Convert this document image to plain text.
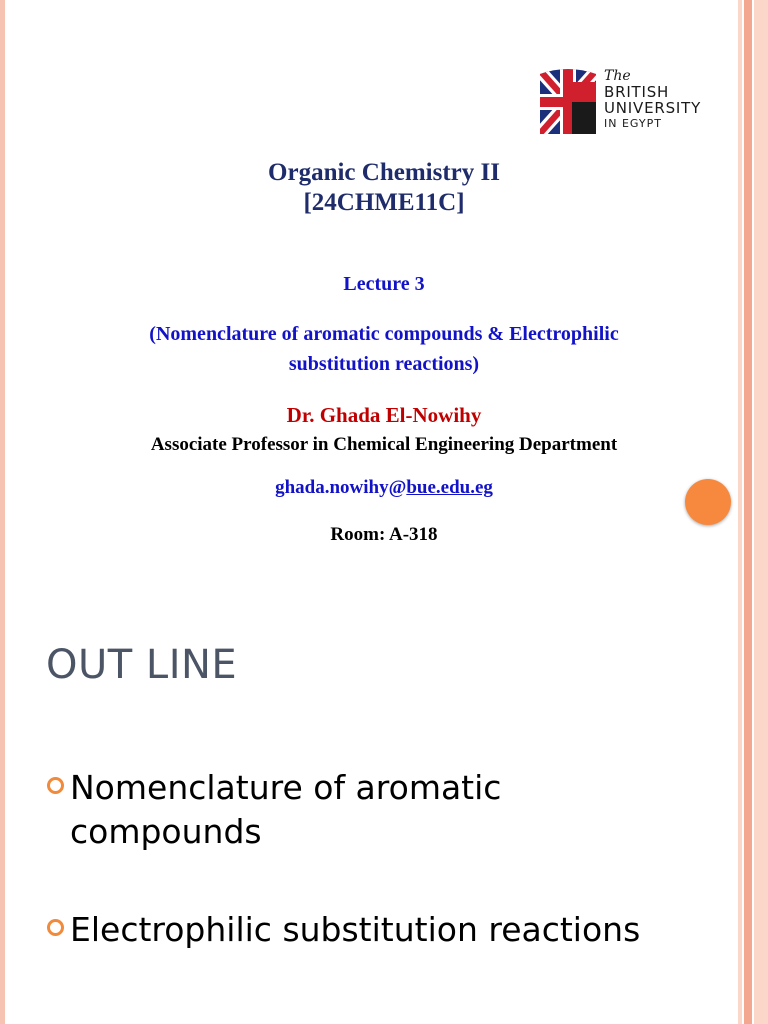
The
BRITISH
UNIVERSITY
IN EGYPT
Organic Chemistry II
[24CHME11C]
Lecture 3
(Nomenclature of aromatic compounds & Electrophilic
substitution reactions)
Dr. Ghada El-Nowihy
Associate Professor in Chemical Engineering Department
ghada.nowihy@bue.edu.eg
Room: A-318
OUT LINE
Nomenclature of aromatic
compounds
Electrophilic substitution reactions
